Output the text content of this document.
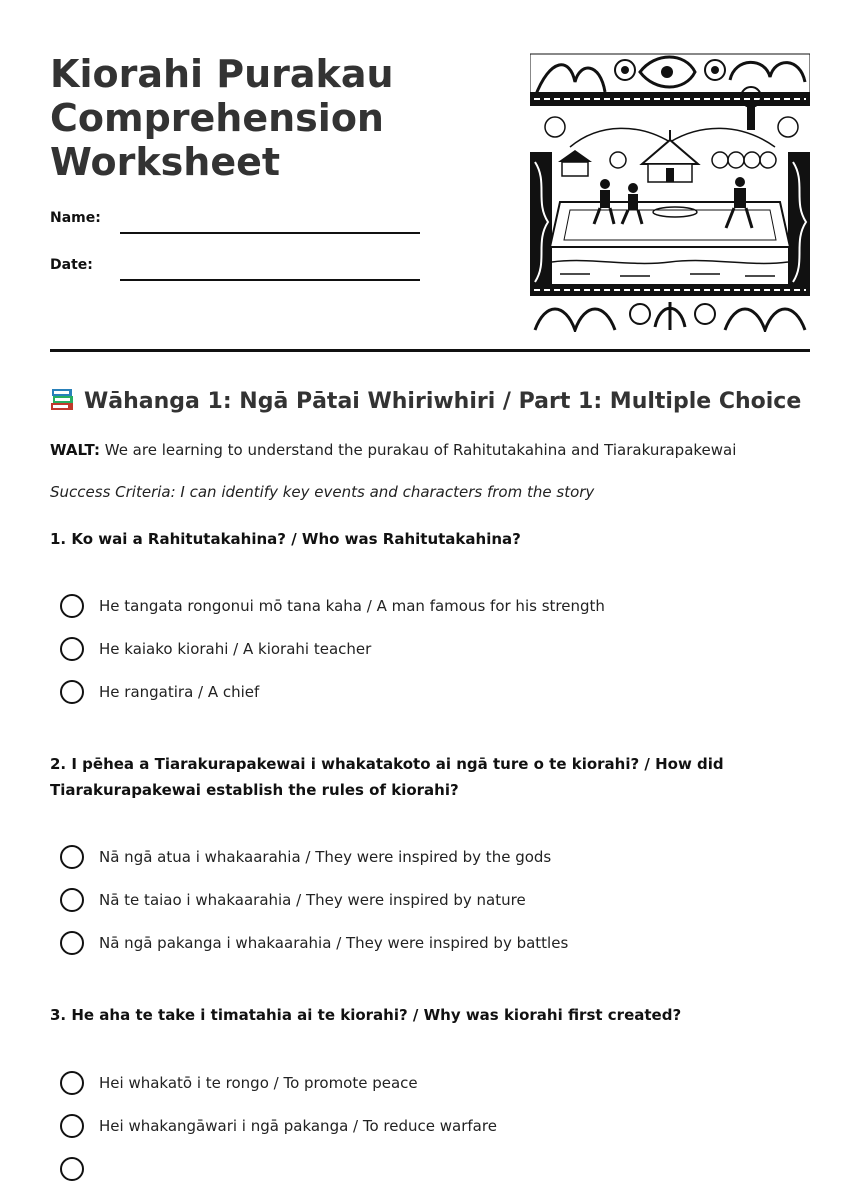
Kiorahi Purakau Comprehension Worksheet
Name:
Date:
Wāhanga 1: Ngā Pātai Whiriwhiri / Part 1: Multiple Choice
WALT: We are learning to understand the purakau of Rahitutakahina and Tiarakurapakewai
Success Criteria: I can identify key events and characters from the story
1. Ko wai a Rahitutakahina? / Who was Rahitutakahina?
He tangata rongonui mō tana kaha / A man famous for his strength
He kaiako kiorahi / A kiorahi teacher
He rangatira / A chief
2. I pēhea a Tiarakurapakewai i whakatakoto ai ngā ture o te kiorahi? / How did Tiarakurapakewai establish the rules of kiorahi?
Nā ngā atua i whakaarahia / They were inspired by the gods
Nā te taiao i whakaarahia / They were inspired by nature
Nā ngā pakanga i whakaarahia / They were inspired by battles
3. He aha te take i timatahia ai te kiorahi? / Why was kiorahi first created?
Hei whakatō i te rongo / To promote peace
Hei whakangāwari i ngā pakanga / To reduce warfare
